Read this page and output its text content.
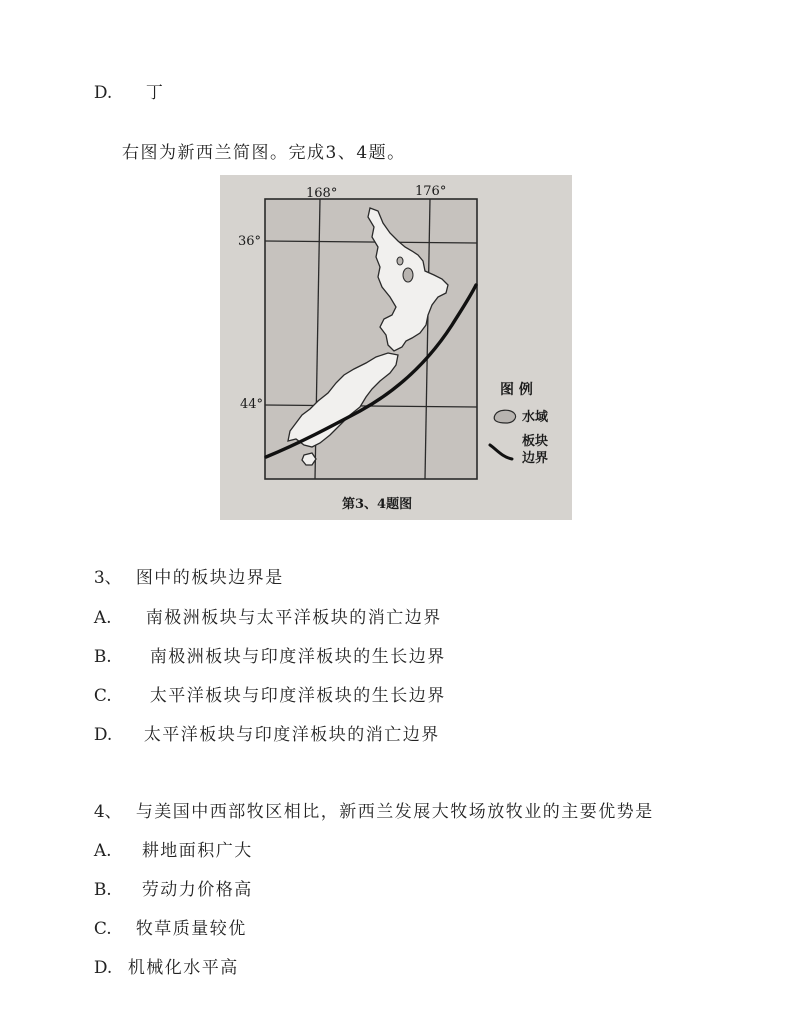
D. 丁

右图为新西兰简图。完成3、4题。
168°	176°
36°
44°
图 例
水域
板块
边界
第3、4题图

3、 图中的板块边界是

A. 南极洲板块与太平洋板块的消亡边界

B. 南极洲板块与印度洋板块的生长边界

C. 太平洋板块与印度洋板块的生长边界

D. 太平洋板块与印度洋板块的消亡边界

4、 与美国中西部牧区相比，新西兰发展大牧场放牧业的主要优势是

A. 耕地面积广大

B. 劳动力价格高

C. 牧草质量较优

D. 机械化水平高
